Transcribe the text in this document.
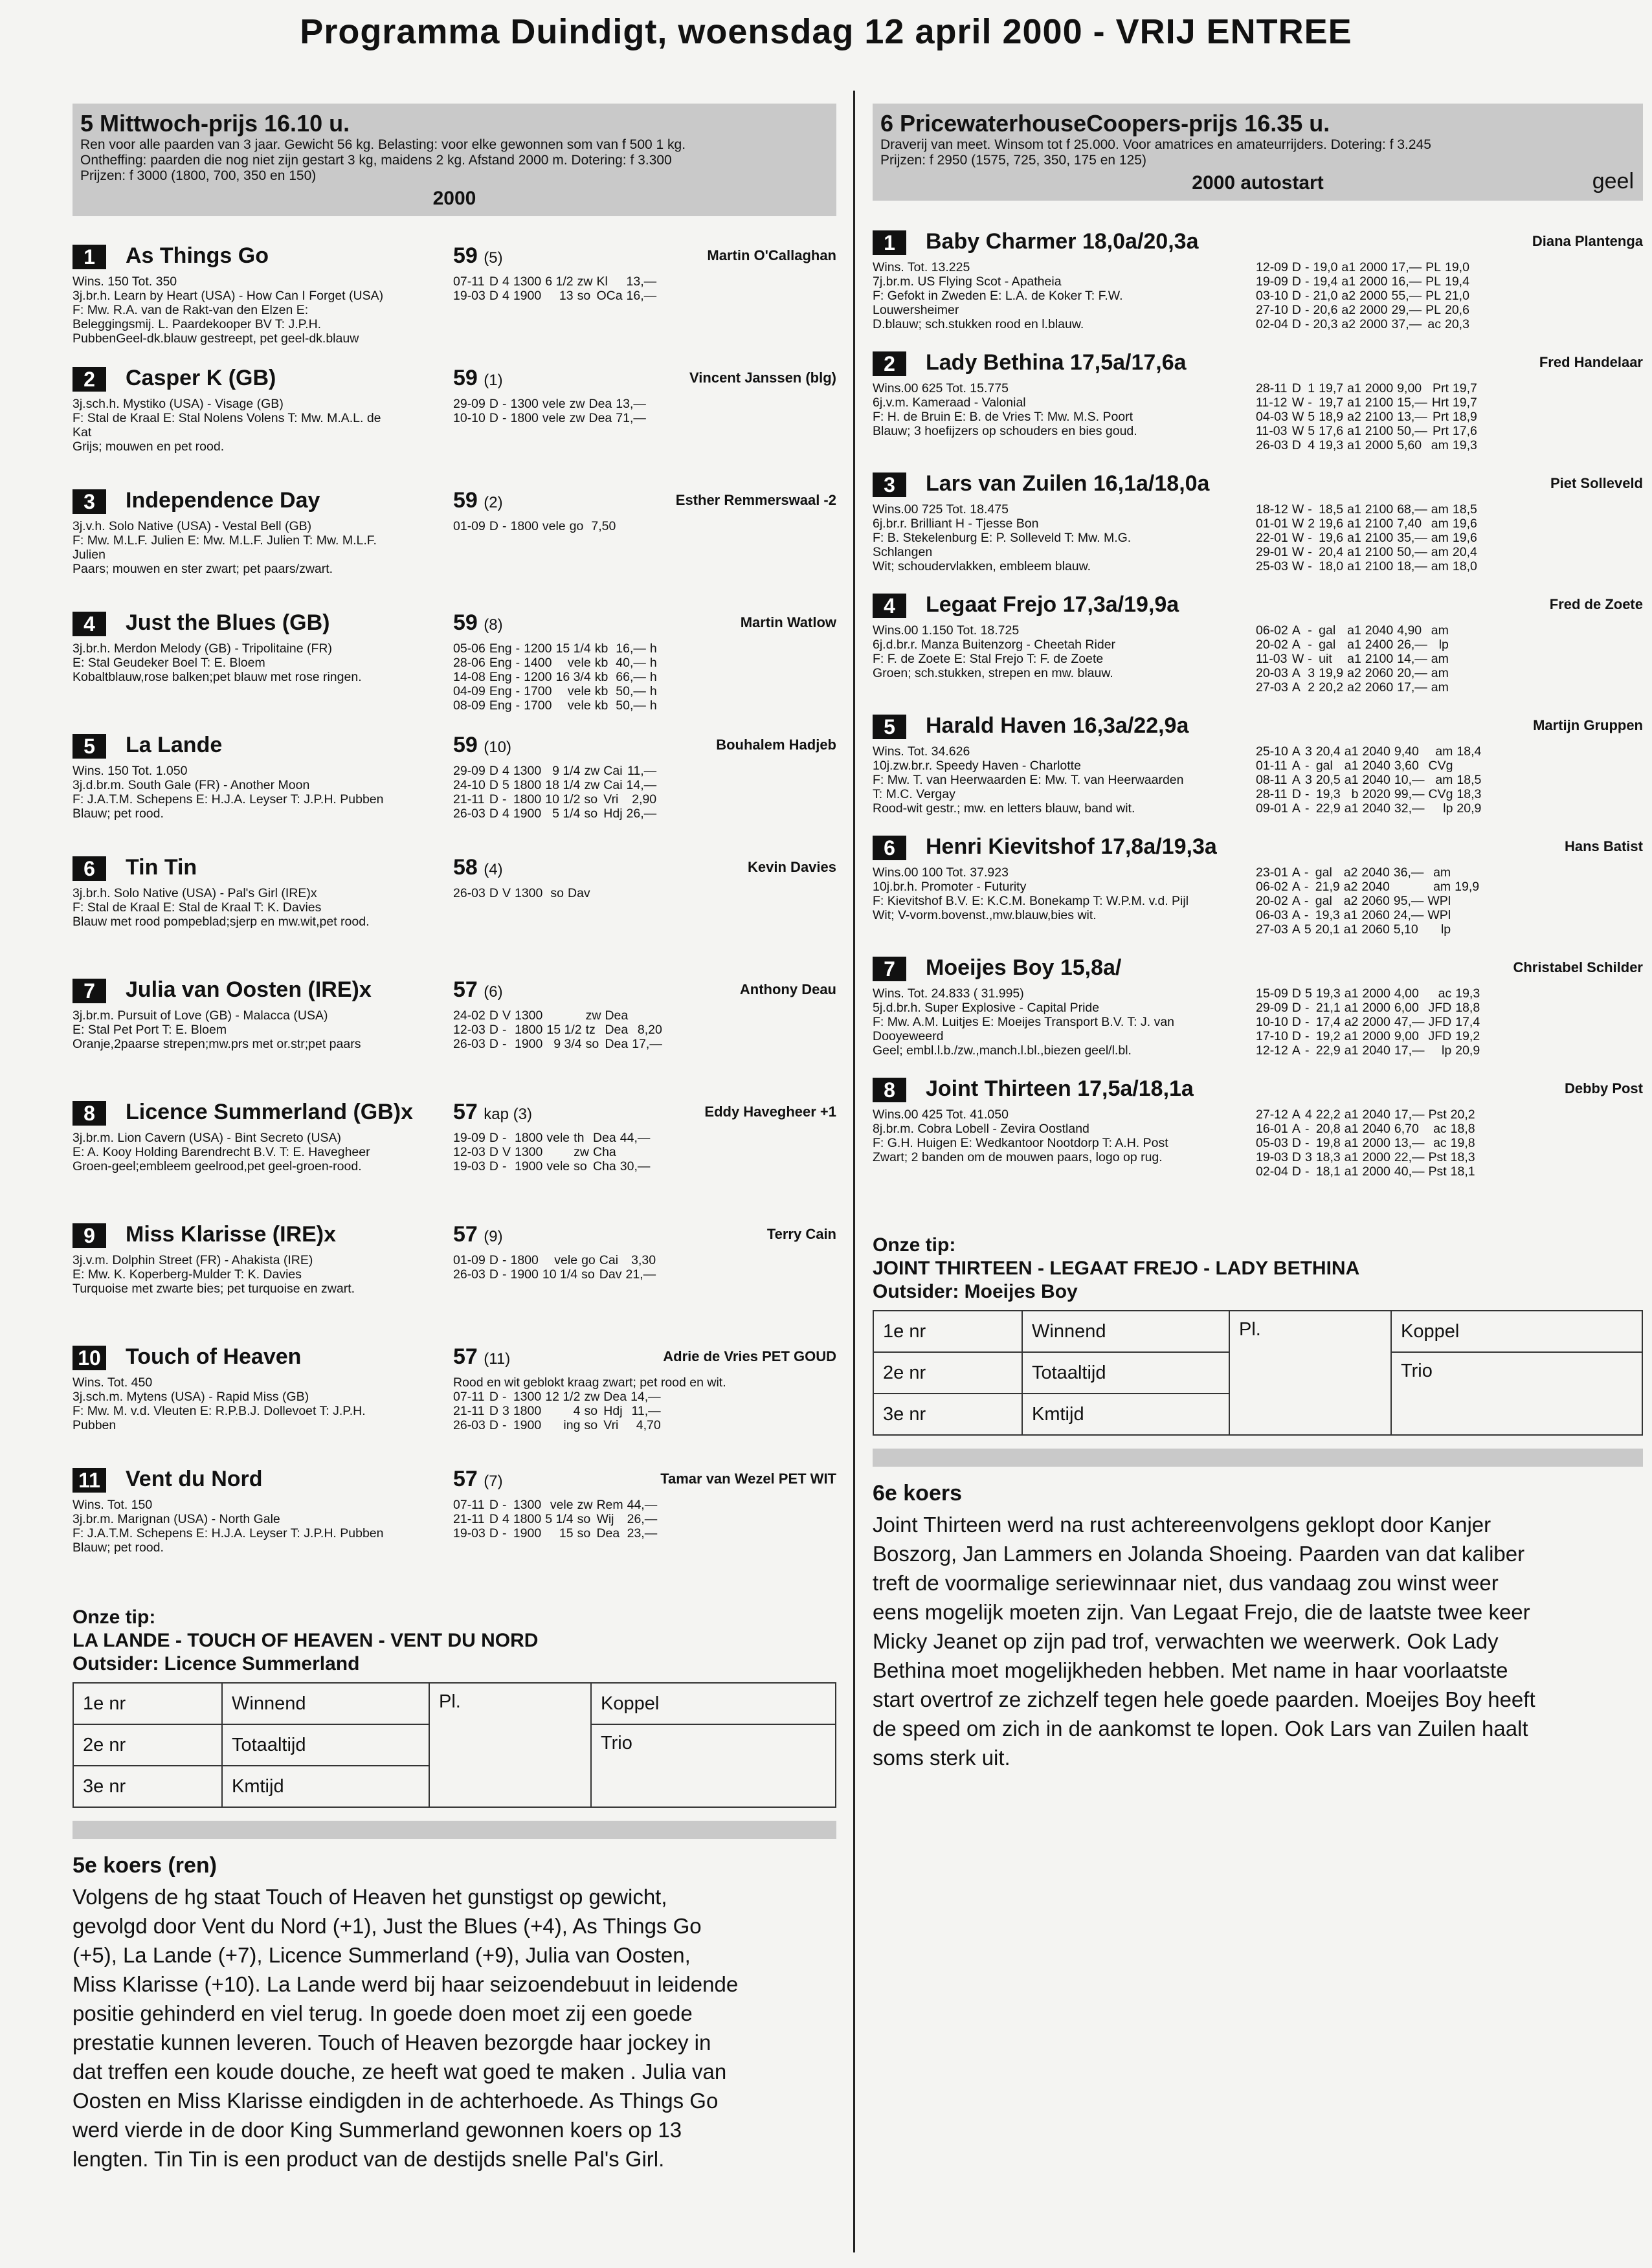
Programma Duindigt, woensdag 12 april 2000 - VRIJ ENTREE
5 Mittwoch-prijs 16.10 u.
Ren voor alle paarden van 3 jaar. Gewicht 56 kg. Belasting: voor elke gewonnen som van f 500 1 kg.
Ontheffing: paarden die nog niet zijn gestart 3 kg, maidens 2 kg. Afstand 2000 m. Dotering: f 3.300
Prijzen: f 3000 (1800, 700, 350 en 150)
2000
1	As Things Go	59 (5)	Martin O'Callaghan
Wins. 150 Tot. 350
3j.br.h. Learn by Heart (USA) - How Can I Forget (USA)
F: Mw. R.A. van de Rakt-van den Elzen E:
Beleggingsmij. L. Paardekooper BV T: J.P.H.
PubbenGeel-dk.blauw gestreept, pet geel-dk.blauw
07-11	D	4	1300	6 1/2	zw	Kl	13,—	
19-03	D	4	1900	13	so	OCa	16,—	
2	Casper K (GB)	59 (1)	Vincent Janssen (blg)
3j.sch.h. Mystiko (USA) - Visage (GB)
F: Stal de Kraal E: Stal Nolens Volens T: Mw. M.A.L. de
Kat
Grijs; mouwen en pet rood.
29-09	D	-	1300	vele	zw	Dea	13,—	
10-10	D	-	1800	vele	zw	Dea	71,—	
3	Independence Day	59 (2)	Esther Remmerswaal -2
3j.v.h. Solo Native (USA) - Vestal Bell (GB)
F: Mw. M.L.F. Julien E: Mw. M.L.F. Julien T: Mw. M.L.F.
Julien
Paars; mouwen en ster zwart; pet paars/zwart.
01-09	D	-	1800	vele	go		7,50	
4	Just the Blues (GB)	59 (8)	Martin Watlow
3j.br.h. Merdon Melody (GB) - Tripolitaine (FR)
E: Stal Geudeker Boel T: E. Bloem
Kobaltblauw,rose balken;pet blauw met rose ringen.
05-06	Eng	-	1200	15 1/4	kb		16,—	h
28-06	Eng	-	1400	vele	kb		40,—	h
14-08	Eng	-	1200	16 3/4	kb		66,—	h
04-09	Eng	-	1700	vele	kb		50,—	h
08-09	Eng	-	1700	vele	kb		50,—	h
5	La Lande	59 (10)	Bouhalem Hadjeb
Wins. 150 Tot. 1.050
3j.d.br.m. South Gale (FR) - Another Moon
F: J.A.T.M. Schepens E: H.J.A. Leyser T: J.P.H. Pubben
Blauw; pet rood.
29-09	D	4	1300	9 1/4	zw	Cai	11,—	
24-10	D	5	1800	18 1/4	zw	Cai	14,—	
21-11	D	-	1800	10 1/2	so	Vri	2,90	
26-03	D	4	1900	5 1/4	so	Hdj	26,—	
6	Tin Tin	58 (4)	Kevin Davies
3j.br.h. Solo Native (USA) - Pal's Girl (IRE)x
F: Stal de Kraal E: Stal de Kraal T: K. Davies
Blauw met rood pompeblad;sjerp en mw.wit,pet rood.
26-03	D	V	1300		so	Dav		
7	Julia van Oosten (IRE)x	57 (6)	Anthony Deau
3j.br.m. Pursuit of Love (GB) - Malacca (USA)
E: Stal Pet Port T: E. Bloem
Oranje,2paarse strepen;mw.prs met or.str;pet paars
24-02	D	V	1300		zw	Dea		
12-03	D	-	1800	15 1/2	tz	Dea	8,20	
26-03	D	-	1900	9 3/4	so	Dea	17,—	
8	Licence Summerland (GB)x 57 kap (3)	Eddy Havegheer +1
3j.br.m. Lion Cavern (USA) - Bint Secreto (USA)
E: A. Kooy Holding Barendrecht B.V. T: E. Havegheer
Groen-geel;embleem geelrood,pet geel-groen-rood.
19-09	D	-	1800	vele	th	Dea	44,—	
12-03	D	V	1300		zw	Cha		
19-03	D	-	1900	vele	so	Cha	30,—	
9	Miss Klarisse (IRE)x	57 (9)	Terry Cain
3j.v.m. Dolphin Street (FR) - Ahakista (IRE)
E: Mw. K. Koperberg-Mulder T: K. Davies
Turquoise met zwarte bies; pet turquoise en zwart.
01-09	D	-	1800	vele	go	Cai	3,30	
26-03	D	-	1900	10 1/4	so	Dav	21,—	
10 Touch of Heaven	57 (11)	Adrie de Vries PET GOUD
Wins. Tot. 450
3j.sch.m. Mytens (USA) - Rapid Miss (GB)
F: Mw. M. v.d. Vleuten E: R.P.B.J. Dollevoet T: J.P.H.
Pubben
Rood en wit geblokt kraag zwart; pet rood en wit.
07-11	D	-	1300	12 1/2	zw	Dea	14,—	
21-11	D	3	1800	4	so	Hdj	11,—	
26-03	D	-	1900	ing	so	Vri	4,70	
11 Vent du Nord	57 (7)	Tamar van Wezel PET WIT
Wins. Tot. 150
3j.br.m. Marignan (USA) - North Gale
F: J.A.T.M. Schepens E: H.J.A. Leyser T: J.P.H. Pubben
Blauw; pet rood.
07-11	D	-	1300	vele	zw	Rem	44,—	
21-11	D	4	1800	5 1/4	so	Wij	26,—	
19-03	D	-	1900	15	so	Dea	23,—	
Onze tip:
LA LANDE - TOUCH OF HEAVEN - VENT DU NORD
Outsider: Licence Summerland
1e nr	Winnend	Pl.	Koppel
2e nr	Totaaltijd		Trio
3e nr	Kmtijd		
5e koers (ren)
Volgens de hg staat Touch of Heaven het gunstigst op gewicht,
gevolgd door Vent du Nord (+1), Just the Blues (+4), As Things Go
(+5), La Lande (+7), Licence Summerland (+9), Julia van Oosten,
Miss Klarisse (+10). La Lande werd bij haar seizoendebuut in leidende
positie gehinderd en viel terug. In goede doen moet zij een goede
prestatie kunnen leveren. Touch of Heaven bezorgde haar jockey in
dat treffen een koude douche, ze heeft wat goed te maken . Julia van
Oosten en Miss Klarisse eindigden in de achterhoede. As Things Go
werd vierde in de door King Summerland gewonnen koers op 13
lengten. Tin Tin is een product van de destijds snelle Pal's Girl.
6 PricewaterhouseCoopers-prijs 16.35 u.
Draverij van meet. Winsom tot f 25.000. Voor amatrices en amateurrijders. Dotering: f 3.245
Prijzen: f 2950 (1575, 725, 350, 175 en 125)
2000 autostart	geel
1	Baby Charmer 18,0a/20,3a	Diana Plantenga
Wins. Tot. 13.225
7j.br.m. US Flying Scot - Apatheia
F: Gefokt in Zweden E: L.A. de Koker T: F.W.
Louwersheimer
D.blauw; sch.stukken rood en l.blauw.
12-09	D	-	19,0	a1	2000	17,—	PL	19,0
19-09	D	-	19,4	a1	2000	16,—	PL	19,4
03-10	D	-	21,0	a2	2000	55,—	PL	21,0
27-10	D	-	20,6	a2	2000	29,—	PL	20,6
02-04	D	-	20,3	a2	2000	37,—	ac	20,3
2	Lady Bethina 17,5a/17,6a	Fred Handelaar
Wins.00 625 Tot. 15.775
6j.v.m. Kameraad - Valonial
F: H. de Bruin E: B. de Vries T: Mw. M.S. Poort
Blauw; 3 hoefijzers op schouders en bies goud.
28-11	D	1	19,7	a1	2000	9,00	Prt	19,7
11-12	W	-	19,7	a1	2100	15,—	Hrt	19,7
04-03	W	5	18,9	a2	2100	13,—	Prt	18,9
11-03	W	5	17,6	a1	2100	50,—	Prt	17,6
26-03	D	4	19,3	a1	2000	5,60	am	19,3
3	Lars van Zuilen 16,1a/18,0a	Piet Solleveld
Wins.00 725 Tot. 18.475
6j.br.r. Brilliant H - Tjesse Bon
F: B. Stekelenburg E: P. Solleveld T: Mw. M.G.
Schlangen
Wit; schoudervlakken, embleem blauw.
18-12	W	-	18,5	a1	2100	68,—	am	18,5
01-01	W	2	19,6	a1	2100	7,40	am	19,6
22-01	W	-	19,6	a1	2100	35,—	am	19,6
29-01	W	-	20,4	a1	2100	50,—	am	20,4
25-03	W	-	18,0	a1	2100	18,—	am	18,0
4	Legaat Frejo 17,3a/19,9a	Fred de Zoete
Wins.00 1.150 Tot. 18.725
6j.d.br.r. Manza Buitenzorg - Cheetah Rider
F: F. de Zoete E: Stal Frejo T: F. de Zoete
Groen; sch.stukken, strepen en mw. blauw.
06-02	A	-	gal	a1	2040	4,90	am	
20-02	A	-	gal	a1	2400	26,—	lp	
11-03	W	-	uit	a1	2100	14,—	am	
20-03	A	3	19,9	a2	2060	20,—	am	
27-03	A	2	20,2	a2	2060	17,—	am	
5	Harald Haven 16,3a/22,9a	Martijn Gruppen
Wins. Tot. 34.626
10j.zw.br.r. Speedy Haven - Charlotte
F: Mw. T. van Heerwaarden E: Mw. T. van Heerwaarden
T: M.C. Vergay
Rood-wit gestr.; mw. en letters blauw, band wit.
25-10	A	3	20,4	a1	2040	9,40	am	18,4
01-11	A	-	gal	a1	2040	3,60	CVg	
08-11	A	3	20,5	a1	2040	10,—	am	18,5
28-11	D	-	19,3	b	2020	99,—	CVg	18,3
09-01	A	-	22,9	a1	2040	32,—	lp	20,9
6	Henri Kievitshof 17,8a/19,3a	Hans Batist
Wins.00 100 Tot. 37.923
10j.br.h. Promoter - Futurity
F: Kievitshof B.V. E: K.C.M. Bonekamp T: W.P.M. v.d. Pijl
Wit; V-vorm.bovenst.,mw.blauw,bies wit.
23-01	A	-	gal	a2	2040	36,—	am	
06-02	A	-	21,9	a2	2040		am	19,9
20-02	A	-	gal	a2	2060	95,—	WPl	
06-03	A	-	19,3	a1	2060	24,—	WPl	
27-03	A	5	20,1	a1	2060	5,10	lp	
7	Moeijes Boy 15,8a/	Christabel Schilder
Wins. Tot. 24.833 ( 31.995)
5j.d.br.h. Super Explosive - Capital Pride
F: Mw. A.M. Luitjes E: Moeijes Transport B.V. T: J. van
Dooyeweerd
Geel; embl.l.b./zw.,manch.l.bl.,biezen geel/l.bl.
15-09	D	5	19,3	a1	2000	4,00	ac	19,3
29-09	D	-	21,1	a1	2000	6,00	JFD	18,8
10-10	D	-	17,4	a2	2000	47,—	JFD	17,4
17-10	D	-	19,2	a1	2000	9,00	JFD	19,2
12-12	A	-	22,9	a1	2040	17,—	lp	20,9
8	Joint Thirteen 17,5a/18,1a	Debby Post
Wins.00 425 Tot. 41.050
8j.br.m. Cobra Lobell - Zevira Oostland
F: G.H. Huigen E: Wedkantoor Nootdorp T: A.H. Post
Zwart; 2 banden om de mouwen paars, logo op rug.
27-12	A	4	22,2	a1	2040	17,—	Pst	20,2
16-01	A	-	20,8	a1	2040	6,70	ac	18,8
05-03	D	-	19,8	a1	2000	13,—	ac	19,8
19-03	D	3	18,3	a1	2000	22,—	Pst	18,3
02-04	D	-	18,1	a1	2000	40,—	Pst	18,1
Onze tip:
JOINT THIRTEEN - LEGAAT FREJO - LADY BETHINA
Outsider: Moeijes Boy
1e nr	Winnend	Pl.	Koppel
2e nr	Totaaltijd		Trio
3e nr	Kmtijd		
6e koers
Joint Thirteen werd na rust achtereenvolgens geklopt door Kanjer
Boszorg, Jan Lammers en Jolanda Shoeing. Paarden van dat kaliber
treft de voormalige seriewinnaar niet, dus vandaag zou winst weer
eens mogelijk moeten zijn. Van Legaat Frejo, die de laatste twee keer
Micky Jeanet op zijn pad trof, verwachten we weerwerk. Ook Lady
Bethina moet mogelijkheden hebben. Met name in haar voorlaatste
start overtrof ze zichzelf tegen hele goede paarden. Moeijes Boy heeft
de speed om zich in de aankomst te lopen. Ook Lars van Zuilen haalt
soms sterk uit.
